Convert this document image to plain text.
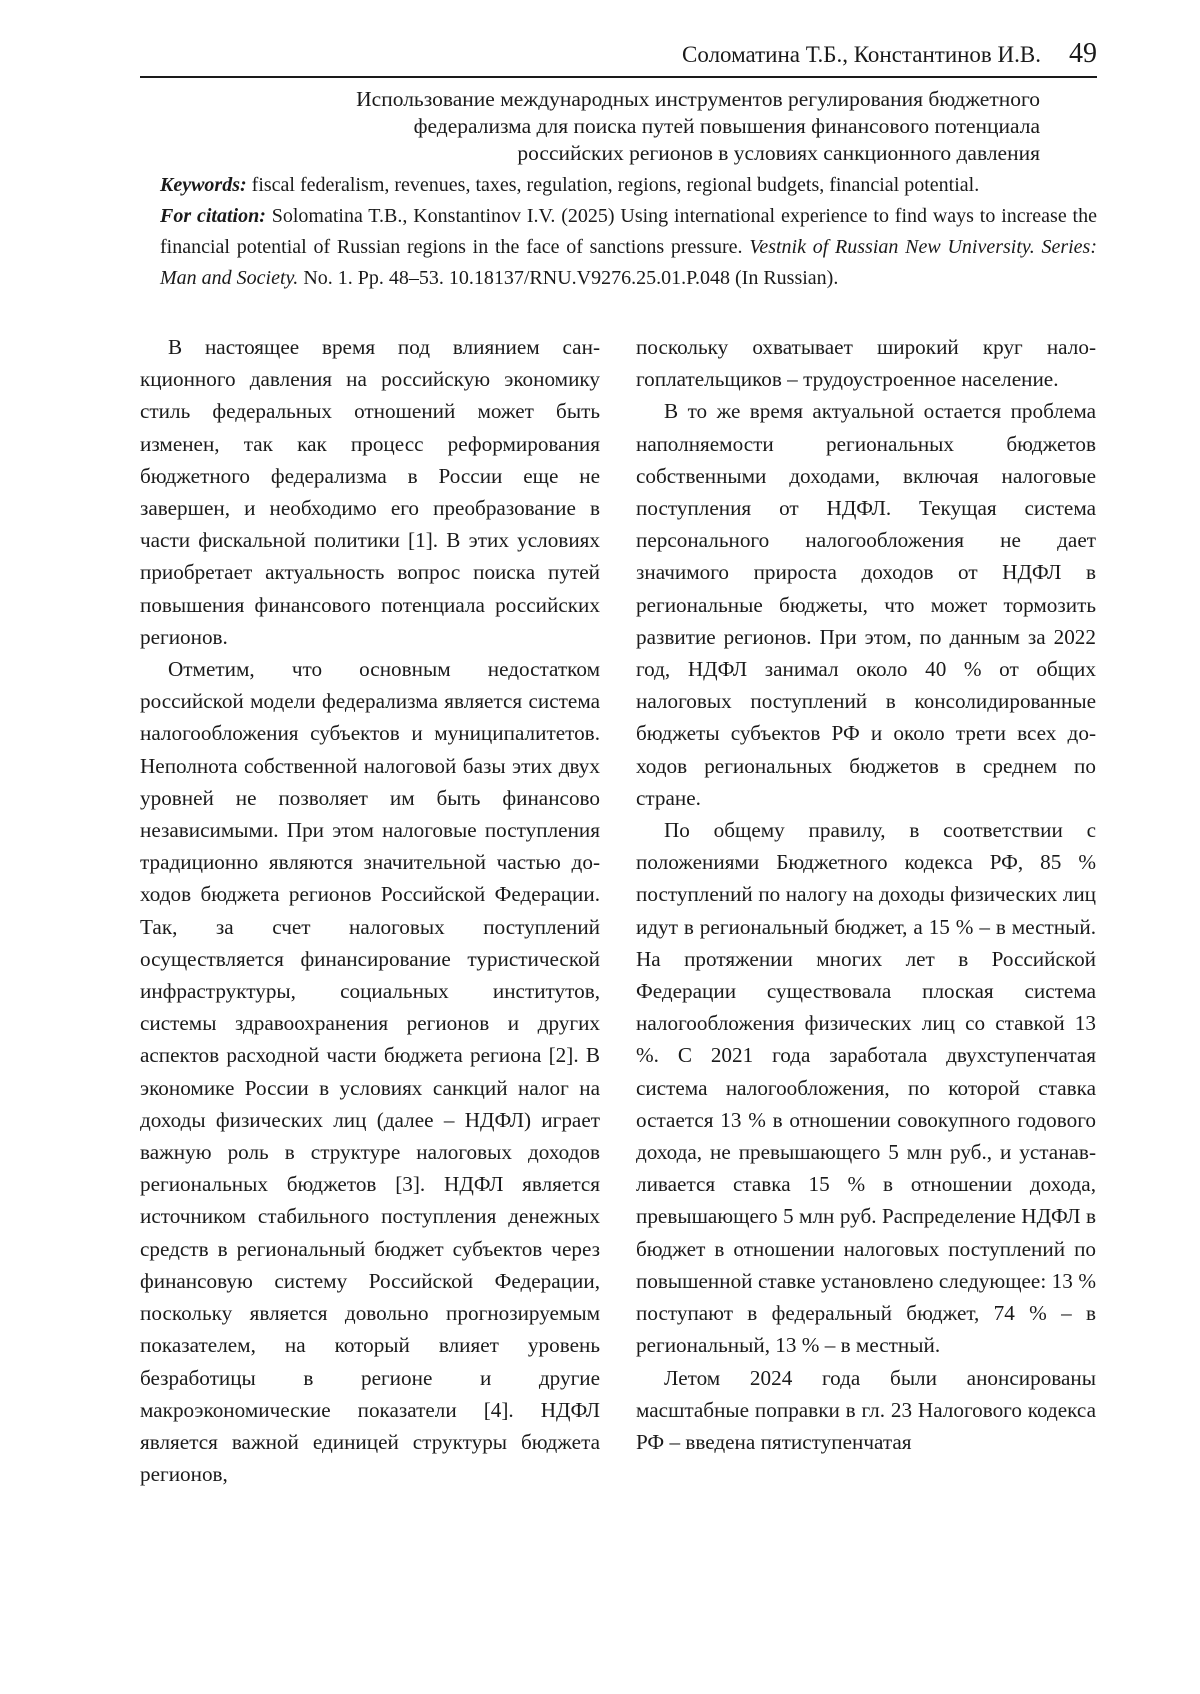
Соломатина Т.Б., Константинов И.В. 49
Использование международных инструментов регулирования бюджетного
федерализма для поиска путей повышения финансового потенциала
российских регионов в условиях санкционного давления
Keywords: fiscal federalism, revenues, taxes, regulation, regions, regional budgets, financial potential.
For citation: Solomatina T.B., Konstantinov I.V. (2025) Using international experience to find ways to increase the financial potential of Russian regions in the face of sanctions pressure. Vestnik of Russian New University. Series: Man and Society. No. 1. Pp. 48–53. 10.18137/RNU.V9276.25.01.P.048 (In Russian).

В настоящее время под влиянием санкционного давления на российскую экономику стиль федеральных отношений может быть изменен, так как процесс реформирования бюджетного федерализма в России еще не завершен, и необходимо его преобразование в части фискальной политики [1]. В этих условиях приобретает актуальность вопрос поиска путей повышения финансового потенциала российских регионов.

Отметим, что основным недостатком российской модели федерализма является система налогообложения субъектов и муниципалитетов. Неполнота собственной налоговой базы этих двух уровней не позволяет им быть финансово независимыми. При этом налоговые поступления традиционно являются значительной частью доходов бюджета регионов Российской Федерации. Так, за счет налоговых поступлений осуществляется финансирование туристической инфраструктуры, социальных институтов, системы здравоохранения регионов и других аспектов расходной части бюджета региона [2]. В экономике России в условиях санкций налог на доходы физических лиц (далее – НДФЛ) играет важную роль в структуре налоговых доходов региональных бюджетов [3]. НДФЛ является источником стабильного поступления денежных средств в региональный бюджет субъектов через финансовую систему Российской Федерации, поскольку является довольно прогнозируемым показателем, на который влияет уровень безработицы в регионе и другие макроэкономические показатели [4]. НДФЛ является важной единицей структуры бюджета регионов,

поскольку охватывает широкий круг налогоплательщиков – трудоустроенное население.

В то же время актуальной остается проблема наполняемости региональных бюджетов собственными доходами, включая налоговые поступления от НДФЛ. Текущая система персонального налогообложения не дает значимого прироста доходов от НДФЛ в региональные бюджеты, что может тормозить развитие регионов. При этом, по данным за 2022 год, НДФЛ занимал около 40 % от общих налоговых поступлений в консолидированные бюджеты субъектов РФ и около трети всех доходов региональных бюджетов в среднем по стране.

По общему правилу, в соответствии с положениями Бюджетного кодекса РФ, 85 % поступлений по налогу на доходы физических лиц идут в региональный бюджет, а 15 % – в местный. На протяжении многих лет в Российской Федерации существовала плоская система налогообложения физических лиц со ставкой 13 %. С 2021 года заработала двухступенчатая система налогообложения, по которой ставка остается 13 % в отношении совокупного годового дохода, не превышающего 5 млн руб., и устанавливается ставка 15 % в отношении дохода, превышающего 5 млн руб. Распределение НДФЛ в бюджет в отношении налоговых поступлений по повышенной ставке установлено следующее: 13 % поступают в федеральный бюджет, 74 % – в региональный, 13 % – в местный.

Летом 2024 года были анонсированы масштабные поправки в гл. 23 Налогового кодекса РФ – введена пятиступенчатая
